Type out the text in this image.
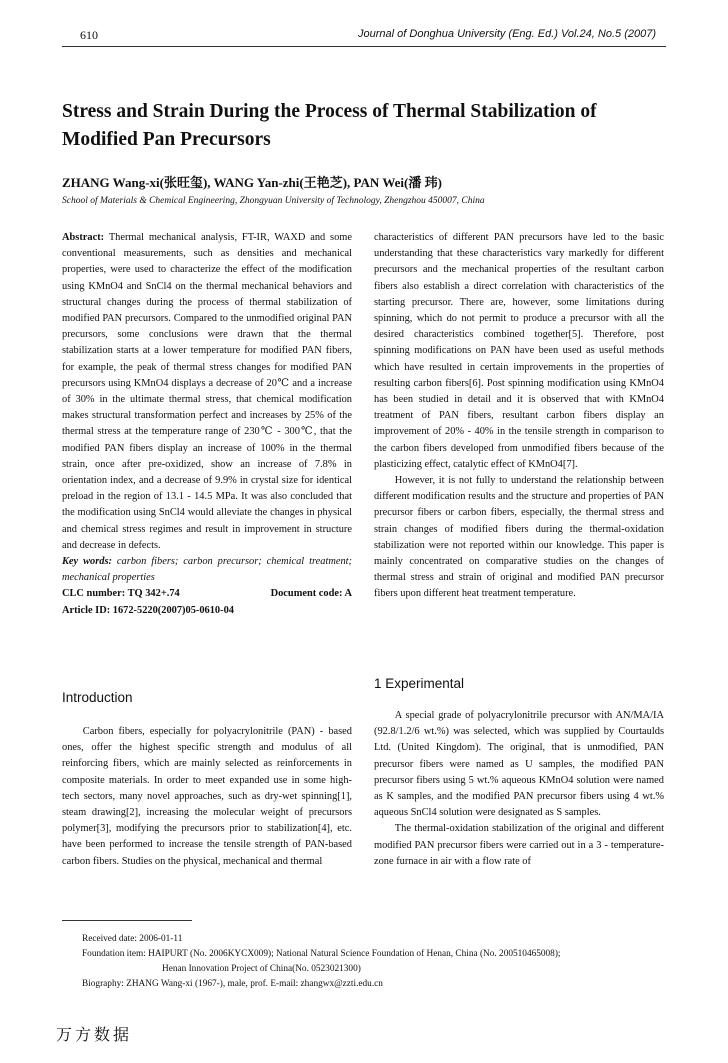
610	Journal of Donghua University (Eng. Ed.) Vol.24, No.5 (2007)
Stress and Strain During the Process of Thermal Stabilization of Modified Pan Precursors
ZHANG Wang-xi(张旺玺), WANG Yan-zhi(王艳芝), PAN Wei(潘 玮)
School of Materials & Chemical Engineering, Zhongyuan University of Technology, Zhengzhou 450007, China

Abstract: Thermal mechanical analysis, FT-IR, WAXD and some conventional measurements, such as densities and mechanical properties, were used to characterize the effect of the modification using KMnO4 and SnCl4 on the thermal mechanical behaviors and structural changes during the process of thermal stabilization of modified PAN precursors. Compared to the unmodified original PAN precursors, some conclusions were drawn that the thermal stabilization starts at a lower temperature for modified PAN fibers, for example, the peak of thermal stress changes for modified PAN precursors using KMnO4 displays a decrease of 20℃ and a increase of 30% in the ultimate thermal stress, that chemical modification makes structural transformation perfect and increases by 25% of the thermal stress at the temperature range of 230℃ - 300℃, that the modified PAN fibers display an increase of 100% in the thermal strain, once after pre-oxidized, show an increase of 7.8% in orientation index, and a decrease of 9.9% in crystal size for identical preload in the region of 13.1 - 14.5 MPa. It was also concluded that the modification using SnCl4 would alleviate the changes in physical and chemical stress regimes and result in improvement in structure and decrease in defects.

Key words: carbon fibers; carbon precursor; chemical treatment; mechanical properties

CLC number: TQ 342+.74	Document code: A

Article ID: 1672-5220(2007)05-0610-04

characteristics of different PAN precursors have led to the basic understanding that these characteristics vary markedly for different precursors and the mechanical properties of the resultant carbon fibers also establish a direct correlation with characteristics of the starting precursor. There are, however, some limitations during spinning, which do not permit to produce a precursor with all the desired characteristics combined together[5]. Therefore, post spinning modifications on PAN have been used as useful methods which have resulted in certain improvements in the properties of resulting carbon fibers[6]. Post spinning modification using KMnO4 has been studied in detail and it is observed that with KMnO4 treatment of PAN fibers, resultant carbon fibers display an improvement of 20% - 40% in the tensile strength in comparison to the carbon fibers developed from unmodified fibers because of the plasticizing effect, catalytic effect of KMnO4[7].

However, it is not fully to understand the relationship between different modification results and the structure and properties of PAN precursor fibers or carbon fibers, especially, the thermal stress and strain changes of modified fibers during the thermal-oxidation stabilization were not reported within our knowledge. This paper is mainly concentrated on comparative studies on the changes of thermal stress and strain of original and modified PAN precursor fibers upon different heat treatment temperature.

Introduction

Carbon fibers, especially for polyacrylonitrile (PAN) - based ones, offer the highest specific strength and modulus of all reinforcing fibers, which are mainly selected as reinforcements in composite materials. In order to meet expanded use in some high-tech sectors, many novel approaches, such as dry-wet spinning[1], steam drawing[2], increasing the molecular weight of precursors polymer[3], modifying the precursors prior to stabilization[4], etc. have been performed to increase the tensile strength of PAN-based carbon fibers. Studies on the physical, mechanical and thermal

1 Experimental

A special grade of polyacrylonitrile precursor with AN/MA/IA (92.8/1.2/6 wt.%) was selected, which was supplied by Courtaulds Ltd. (United Kingdom). The original, that is unmodified, PAN precursor fibers were named as U samples, the modified PAN precursor fibers using 5 wt.% aqueous KMnO4 solution were named as K samples, and the modified PAN precursor fibers using 4 wt.% aqueous SnCl4 solution were designated as S samples.

The thermal-oxidation stabilization of the original and different modified PAN precursor fibers were carried out in a 3 - temperature-zone furnace in air with a flow rate of

Received date: 2006-01-11

Foundation item: HAIPURT (No. 2006KYCX009); National Natural Science Foundation of Henan, China (No. 200510465008);

Henan Innovation Project of China(No. 0523021300)

Biography: ZHANG Wang-xi (1967-), male, prof. E-mail: zhangwx@zzti.edu.cn

万方数据
